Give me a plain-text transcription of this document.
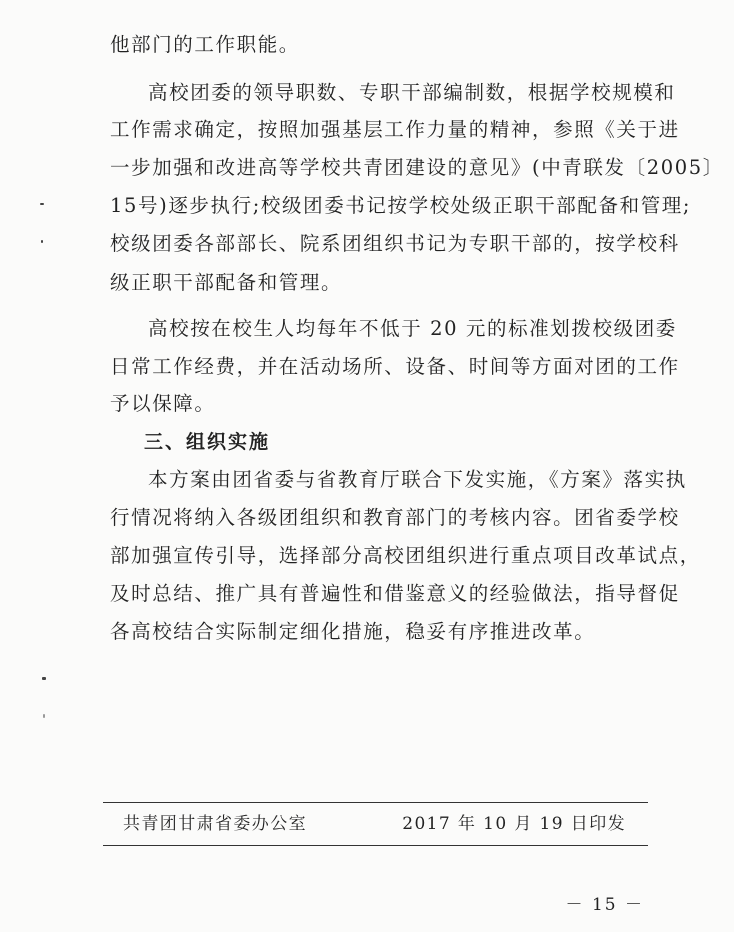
他部门的工作职能。
高校团委的领导职数、专职干部编制数，根据学校规模和
工作需求确定，按照加强基层工作力量的精神，参照《关于进
一步加强和改进高等学校共青团建设的意见》(中青联发〔2005〕
15号)逐步执行;校级团委书记按学校处级正职干部配备和管理;
校级团委各部部长、院系团组织书记为专职干部的，按学校科
级正职干部配备和管理。
高校按在校生人均每年不低于 20 元的标准划拨校级团委
日常工作经费，并在活动场所、设备、时间等方面对团的工作
予以保障。
三、组织实施
本方案由团省委与省教育厅联合下发实施，《方案》落实执
行情况将纳入各级团组织和教育部门的考核内容。团省委学校
部加强宣传引导，选择部分高校团组织进行重点项目改革试点，
及时总结、推广具有普遍性和借鉴意义的经验做法，指导督促
各高校结合实际制定细化措施，稳妥有序推进改革。
共青团甘肃省委办公室	2017 年 10 月 19 日印发
－ 15 －
